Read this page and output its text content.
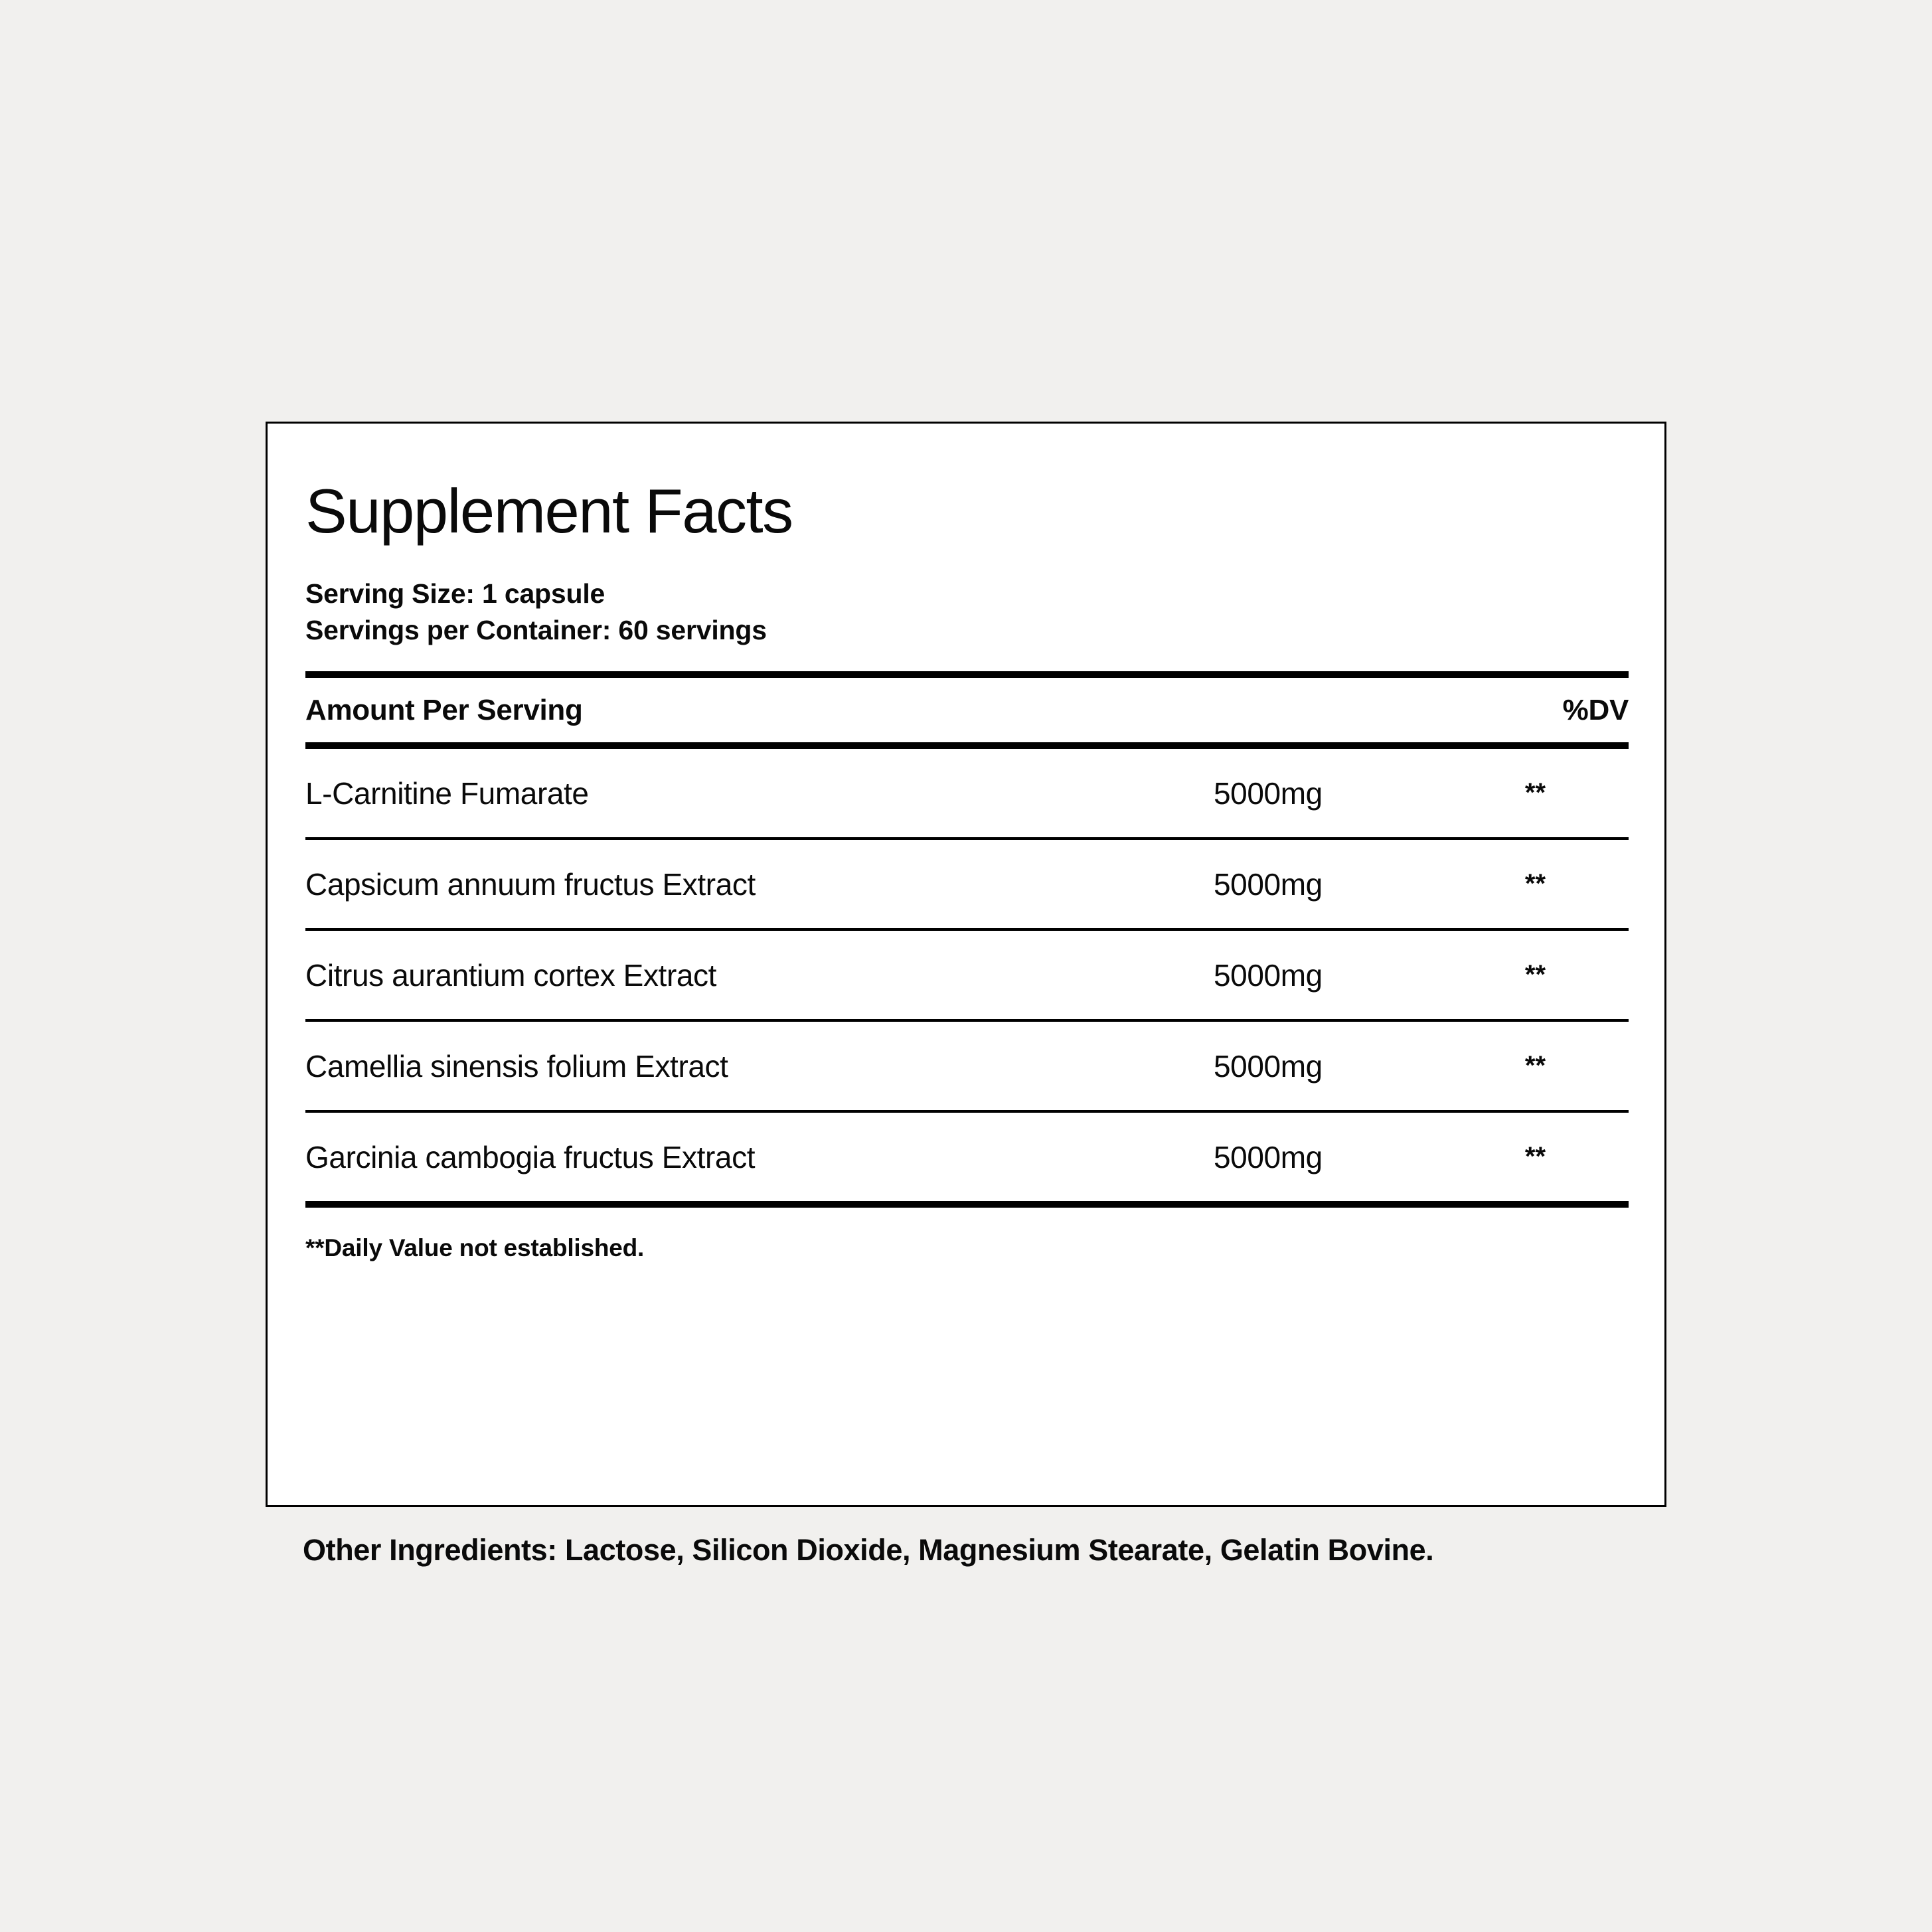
Supplement Facts
Serving Size: 1 capsule
Servings per Container: 60 servings
Amount Per Serving	%DV
L-Carnitine Fumarate	5000mg	**
Capsicum annuum fructus Extract	5000mg	**
Citrus aurantium cortex Extract	5000mg	**
Camellia sinensis folium Extract	5000mg	**
Garcinia cambogia fructus Extract	5000mg	**
**Daily Value not established.
Other Ingredients: Lactose, Silicon Dioxide, Magnesium Stearate, Gelatin Bovine.
